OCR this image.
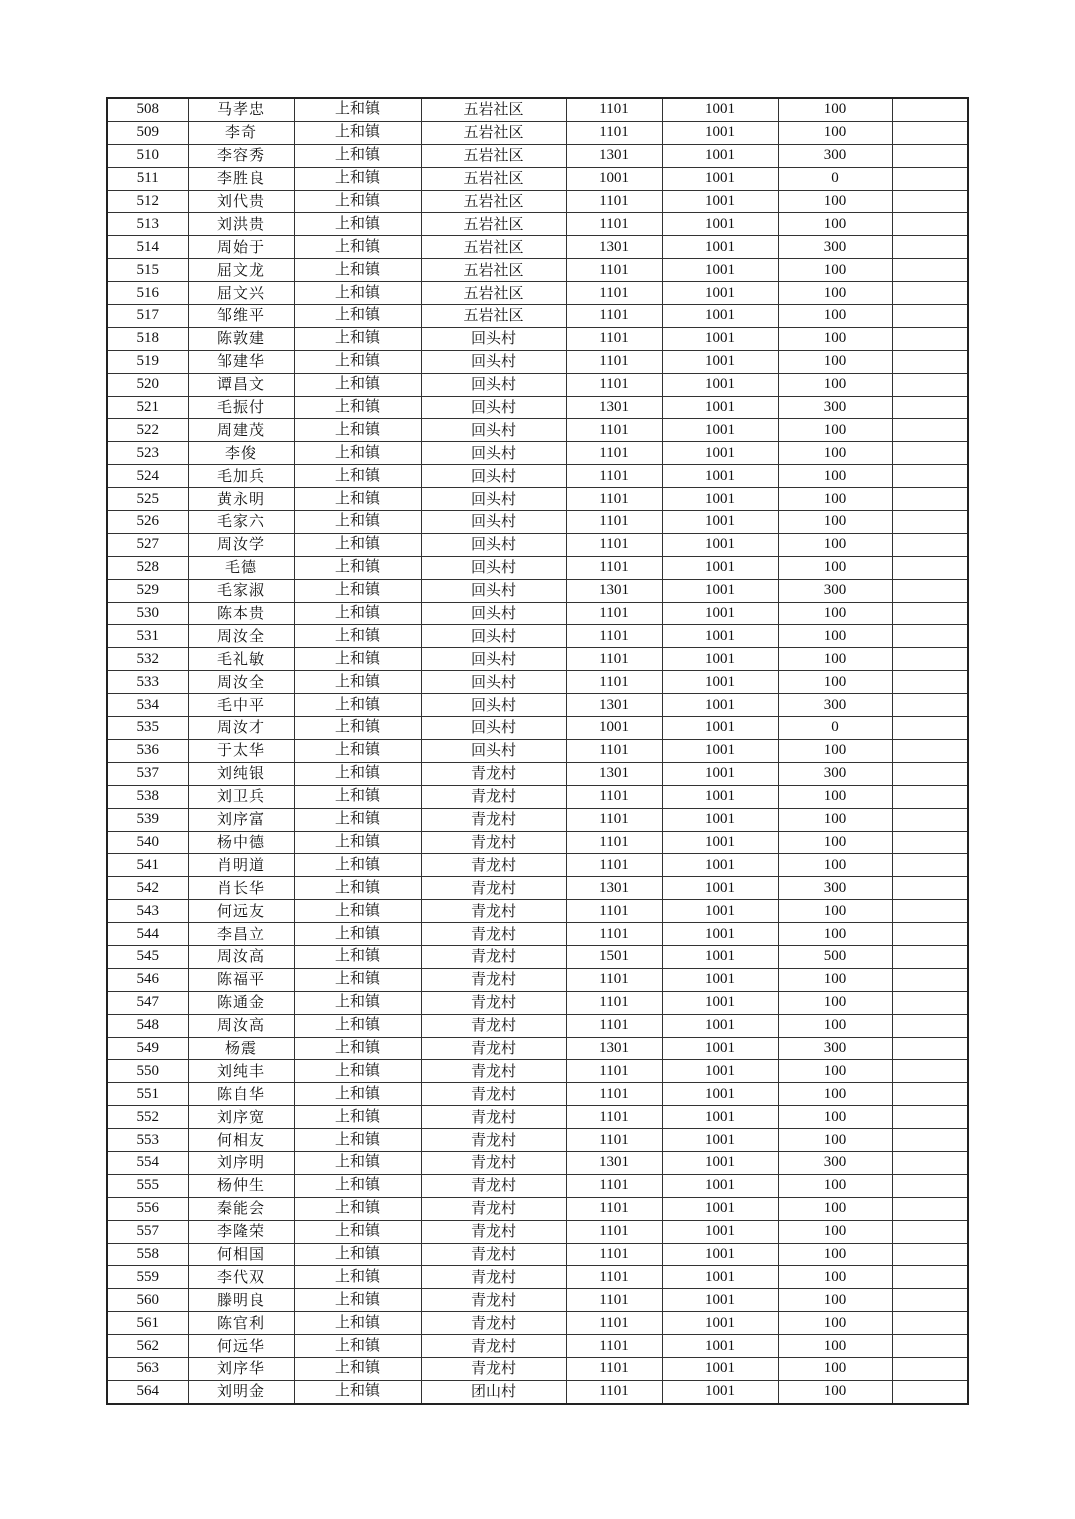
508	马孝忠	上和镇	五岩社区	1101	1001	100	
509	李奇	上和镇	五岩社区	1101	1001	100	
510	李容秀	上和镇	五岩社区	1301	1001	300	
511	李胜良	上和镇	五岩社区	1001	1001	0	
512	刘代贵	上和镇	五岩社区	1101	1001	100	
513	刘洪贵	上和镇	五岩社区	1101	1001	100	
514	周始于	上和镇	五岩社区	1301	1001	300	
515	屈文龙	上和镇	五岩社区	1101	1001	100	
516	屈文兴	上和镇	五岩社区	1101	1001	100	
517	邹维平	上和镇	五岩社区	1101	1001	100	
518	陈敦建	上和镇	回头村	1101	1001	100	
519	邹建华	上和镇	回头村	1101	1001	100	
520	谭昌文	上和镇	回头村	1101	1001	100	
521	毛振付	上和镇	回头村	1301	1001	300	
522	周建茂	上和镇	回头村	1101	1001	100	
523	李俊	上和镇	回头村	1101	1001	100	
524	毛加兵	上和镇	回头村	1101	1001	100	
525	黄永明	上和镇	回头村	1101	1001	100	
526	毛家六	上和镇	回头村	1101	1001	100	
527	周汝学	上和镇	回头村	1101	1001	100	
528	毛德	上和镇	回头村	1101	1001	100	
529	毛家淑	上和镇	回头村	1301	1001	300	
530	陈本贵	上和镇	回头村	1101	1001	100	
531	周汝全	上和镇	回头村	1101	1001	100	
532	毛礼敏	上和镇	回头村	1101	1001	100	
533	周汝全	上和镇	回头村	1101	1001	100	
534	毛中平	上和镇	回头村	1301	1001	300	
535	周汝才	上和镇	回头村	1001	1001	0	
536	于太华	上和镇	回头村	1101	1001	100	
537	刘纯银	上和镇	青龙村	1301	1001	300	
538	刘卫兵	上和镇	青龙村	1101	1001	100	
539	刘序富	上和镇	青龙村	1101	1001	100	
540	杨中德	上和镇	青龙村	1101	1001	100	
541	肖明道	上和镇	青龙村	1101	1001	100	
542	肖长华	上和镇	青龙村	1301	1001	300	
543	何远友	上和镇	青龙村	1101	1001	100	
544	李昌立	上和镇	青龙村	1101	1001	100	
545	周汝高	上和镇	青龙村	1501	1001	500	
546	陈福平	上和镇	青龙村	1101	1001	100	
547	陈通金	上和镇	青龙村	1101	1001	100	
548	周汝高	上和镇	青龙村	1101	1001	100	
549	杨震	上和镇	青龙村	1301	1001	300	
550	刘纯丰	上和镇	青龙村	1101	1001	100	
551	陈自华	上和镇	青龙村	1101	1001	100	
552	刘序宽	上和镇	青龙村	1101	1001	100	
553	何相友	上和镇	青龙村	1101	1001	100	
554	刘序明	上和镇	青龙村	1301	1001	300	
555	杨仲生	上和镇	青龙村	1101	1001	100	
556	秦能会	上和镇	青龙村	1101	1001	100	
557	李隆荣	上和镇	青龙村	1101	1001	100	
558	何相国	上和镇	青龙村	1101	1001	100	
559	李代双	上和镇	青龙村	1101	1001	100	
560	滕明良	上和镇	青龙村	1101	1001	100	
561	陈官利	上和镇	青龙村	1101	1001	100	
562	何远华	上和镇	青龙村	1101	1001	100	
563	刘序华	上和镇	青龙村	1101	1001	100	
564	刘明金	上和镇	团山村	1101	1001	100	
